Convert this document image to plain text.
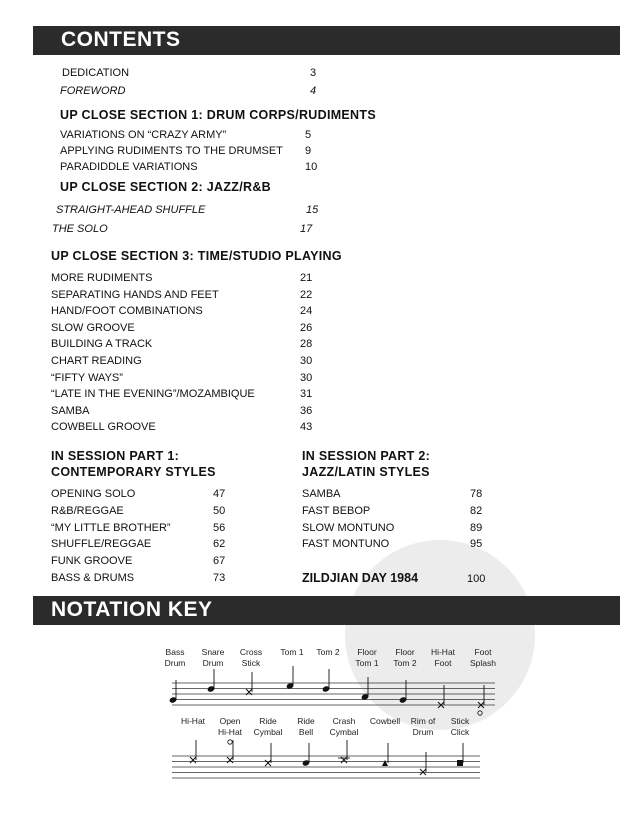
CONTENTS
DEDICATION	3
FOREWORD	4
UP CLOSE SECTION 1: DRUM CORPS/RUDIMENTS
VARIATIONS ON “CRAZY ARMY”	5
APPLYING RUDIMENTS TO THE DRUMSET 9
PARADIDDLE VARIATIONS	10
UP CLOSE SECTION 2: JAZZ/R&B
STRAIGHT-AHEAD SHUFFLE	15
THE SOLO	17
UP CLOSE SECTION 3: TIME/STUDIO PLAYING
MORE RUDIMENTS	21
SEPARATING HANDS AND FEET	22
HAND/FOOT COMBINATIONS	24
SLOW GROOVE	26
BUILDING A TRACK	28
CHART READING	30
“FIFTY WAYS”	30
“LATE IN THE EVENING”/MOZAMBIQUE	31
SAMBA	36
COWBELL GROOVE	43
IN SESSION PART 1:
CONTEMPORARY STYLES
OPENING SOLO	47
R&B/REGGAE	50
“MY LITTLE BROTHER”	56
SHUFFLE/REGGAE	62
FUNK GROOVE	67
BASS & DRUMS	73
IN SESSION PART 2:
JAZZ/LATIN STYLES
SAMBA	78
FAST BEBOP	82
SLOW MONTUNO	89
FAST MONTUNO	95
ZILDJIAN DAY 1984	100
NOTATION KEY
Bass
Drum
Snare
Drum
Cross
Stick
Tom 1	Tom 2	Floor
Tom 1
Floor
Tom 2
Hi-Hat
Foot
Foot
Splash
Hi-Hat	Open
Hi-Hat
Ride
Cymbal
Ride
Bell
Crash
Cymbal
Cowbell	Rim of
Drum
Stick
Click
